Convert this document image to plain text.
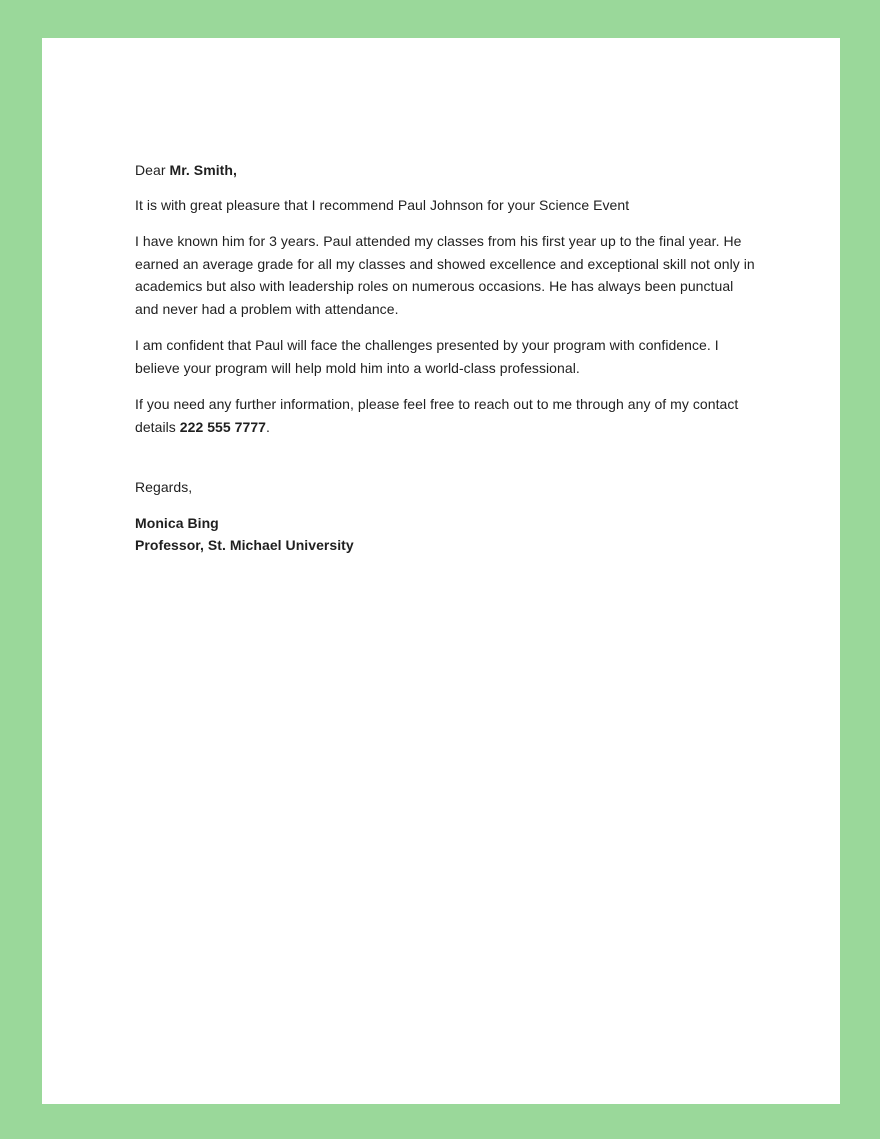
Dear Mr. Smith,

It is with great pleasure that I recommend Paul Johnson for your Science Event

I have known him for 3 years. Paul attended my classes from his first year up to the final year. He earned an average grade for all my classes and showed excellence and exceptional skill not only in academics but also with leadership roles on numerous occasions. He has always been punctual and never had a problem with attendance.

I am confident that Paul will face the challenges presented by your program with confidence. I believe your program will help mold him into a world-class professional.

If you need any further information, please feel free to reach out to me through any of my contact details 222 555 7777.

Regards,

Monica Bing

Professor, St. Michael University
